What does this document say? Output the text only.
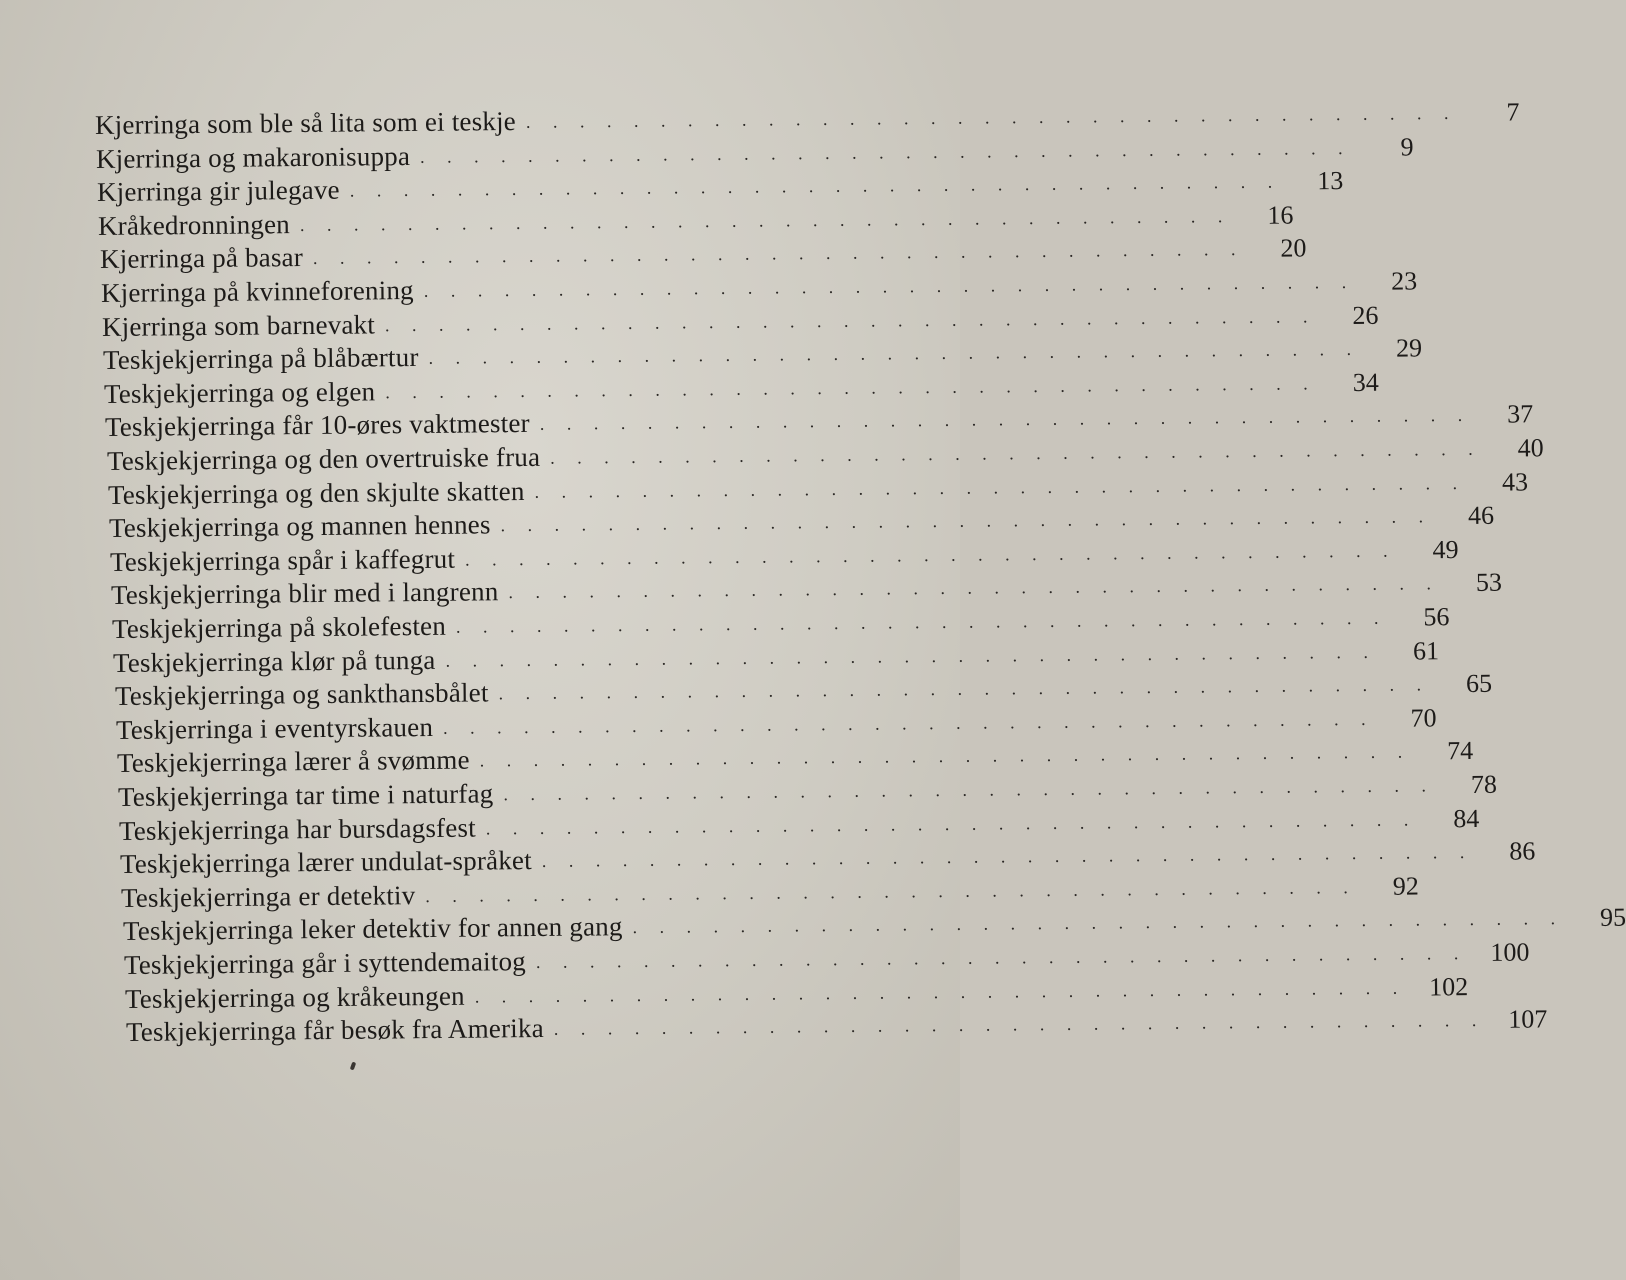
Kjerringa som ble så lita som ei teskje . . . . . . . . . . . . . . . . . . . . . . . . . . . . . . . . . . .	7
Kjerringa og makaronisuppa . . . . . . . . . . . . . . . . . . . . . . . . . . . . . . . . . . .	9
Kjerringa gir julegave . . . . . . . . . . . . . . . . . . . . . . . . . . . . . . . . . . .	13
Kråkedronningen . . . . . . . . . . . . . . . . . . . . . . . . . . . . . . . . . . .	16
Kjerringa på basar . . . . . . . . . . . . . . . . . . . . . . . . . . . . . . . . . . .	20
Kjerringa på kvinneforening . . . . . . . . . . . . . . . . . . . . . . . . . . . . . . . . . . .	23
Kjerringa som barnevakt . . . . . . . . . . . . . . . . . . . . . . . . . . . . . . . . . . .	26
Teskjekjerringa på blåbærtur . . . . . . . . . . . . . . . . . . . . . . . . . . . . . . . . . . .	29
Teskjekjerringa og elgen . . . . . . . . . . . . . . . . . . . . . . . . . . . . . . . . . . .	34
Teskjekjerringa får 10-øres vaktmester . . . . . . . . . . . . . . . . . . . . . . . . . . . . . . . . . . .	37
Teskjekjerringa og den overtruiske frua . . . . . . . . . . . . . . . . . . . . . . . . . . . . . . . . . . .	40
Teskjekjerringa og den skjulte skatten . . . . . . . . . . . . . . . . . . . . . . . . . . . . . . . . . . .	43
Teskjekjerringa og mannen hennes . . . . . . . . . . . . . . . . . . . . . . . . . . . . . . . . . . .	46
Teskjekjerringa spår i kaffegrut . . . . . . . . . . . . . . . . . . . . . . . . . . . . . . . . . . .	49
Teskjekjerringa blir med i langrenn . . . . . . . . . . . . . . . . . . . . . . . . . . . . . . . . . . .	53
Teskjekjerringa på skolefesten . . . . . . . . . . . . . . . . . . . . . . . . . . . . . . . . . . .	56
Teskjekjerringa klør på tunga . . . . . . . . . . . . . . . . . . . . . . . . . . . . . . . . . . .	61
Teskjekjerringa og sankthansbålet . . . . . . . . . . . . . . . . . . . . . . . . . . . . . . . . . . .	65
Teskjerringa i eventyrskauen . . . . . . . . . . . . . . . . . . . . . . . . . . . . . . . . . . .	70
Teskjekjerringa lærer å svømme . . . . . . . . . . . . . . . . . . . . . . . . . . . . . . . . . . .	74
Teskjekjerringa tar time i naturfag . . . . . . . . . . . . . . . . . . . . . . . . . . . . . . . . . . .	78
Teskjekjerringa har bursdagsfest . . . . . . . . . . . . . . . . . . . . . . . . . . . . . . . . . . .	84
Teskjekjerringa lærer undulat-språket . . . . . . . . . . . . . . . . . . . . . . . . . . . . . . . . . . .	86
Teskjekjerringa er detektiv . . . . . . . . . . . . . . . . . . . . . . . . . . . . . . . . . . .	92
Teskjekjerringa leker detektiv for annen gang . . . . . . . . . . . . . . . . . . . . . . . . . . . . . . . . . . .	95
Teskjekjerringa går i syttendemaitog . . . . . . . . . . . . . . . . . . . . . . . . . . . . . . . . . . . 100
Teskjekjerringa og kråkeungen . . . . . . . . . . . . . . . . . . . . . . . . . . . . . . . . . . . 102
Teskjekjerringa får besøk fra Amerika . . . . . . . . . . . . . . . . . . . . . . . . . . . . . . . . . . . 107
